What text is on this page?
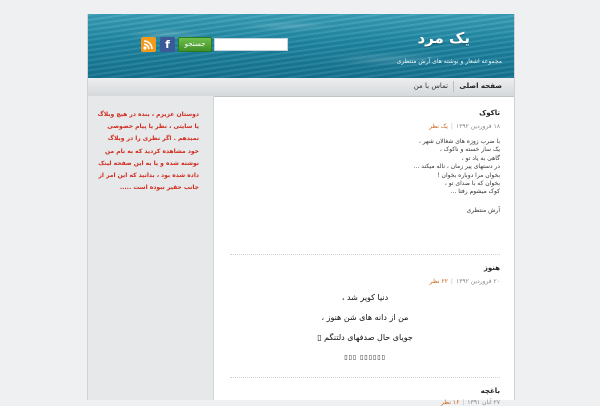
یک مرد
مجموعه اشعار و نوشته های آرش منتظری
جستجو
f
صفحه اصلی
تماس با من
دوستان عزیزم ، بنده در هیچ وبلاگ
یا سایتی ، نظر یا پیام خصوصی
نمیدهم . اگر نظری را در وبلاگ
خود مشاهده کردید که به نام من
نوشته شده و یا به این صفحه لینک
داده شده بود ، بدانید که این امر از
جانب حقیر نبوده است .....
تاکوک
۱۸ فروردین ۱۳۹۲|یک نظر
با ضرب زوزه های شغالان شهر ،
یک ساز خسته و ناکوک ،
گاهی به یاد تو ،
در دستهای پیر زمان ، ناله میکند ...
بخوان مرا دوباره بخوان !
بخوان که با صدای تو ،
کوک میشوم رفتا ...
آرش منتظری
هنوز
۲۰ فروردین ۱۳۹۲|۲۲ نظر
دنیا کویر شد ،
من از دانه های شن هنوز ،
جویای حال صدفهای دلتنگم ▯
▯▯▯▯▯▯ ▯▯▯
باغچه
۲۷ آبان ۱۳۹۱|۱۶ نظر
